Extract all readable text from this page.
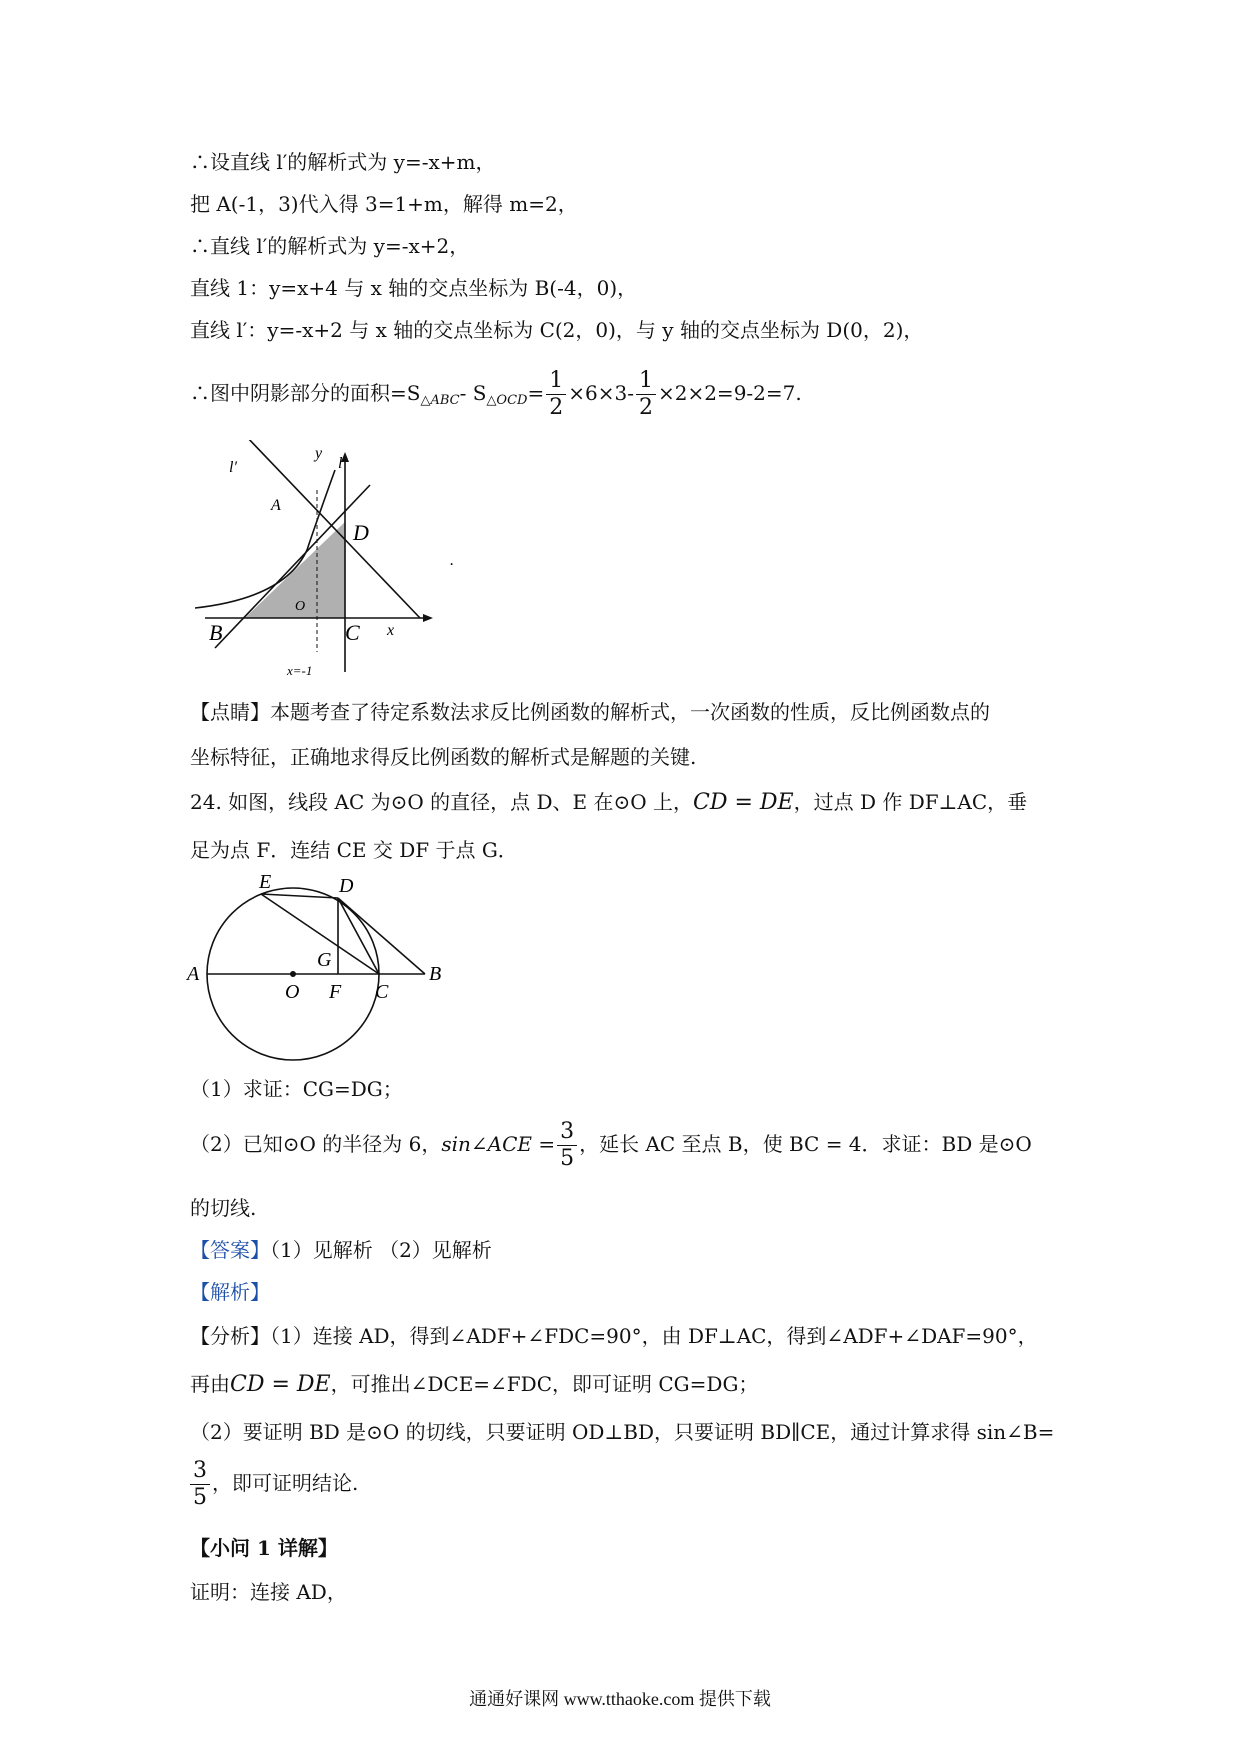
∴设直线 l′的解析式为 y=-x+m，
把 A(-1，3)代入得 3=1+m，解得 m=2，
∴直线 l′的解析式为 y=-x+2，
直线 1：y=x+4 与 x 轴的交点坐标为 B(-4，0)，
直线 l′：y=-x+2 与 x 轴的交点坐标为 C(2，0)，与 y 轴的交点坐标为 D(0，2)，
∴图中阴影部分的面积$=S_{\triangle ABC}-$ $S_{\triangle OCD}= \frac{1}{2} \times 6\times 3- \frac{1}{2} \times 2\times 2=9-2=7$.
l′	l
y
A
D
B
O
C x
x=-1
.
【点睛】本题考查了待定系数法求反比例函数的解析式，一次函数的性质，反比例函数点的
坐标特征，正确地求得反比例函数的解析式是解题的关键.
24. 如图，线段 AC 为⊙O 的直径，点 D、E 在⊙O 上，CD = DE，过点 D 作 DF⊥AC，垂
足为点 F．连结 CE 交 DF 于点 G．
E	D
G
A
O F C
B
（1）求证：CG=DG；
（2）已知⊙O 的半径为 6，sin∠ACE = $\frac{3}{5}$ ，延长 AC 至点 B，使 BC = 4．求证：BD 是⊙O
的切线.
【答案】（1）见解析 （2）见解析
【解析】
【分析】（1）连接 AD，得到∠ADF+∠FDC=90°，由 DF⊥AC，得到∠ADF+∠DAF=90°，
再由CD = DE，可推出∠DCE=∠FDC，即可证明 CG=DG；
（2）要证明 BD 是⊙O 的切线，只要证明 OD⊥BD，只要证明 BD∥CE，通过计算求得 sin∠B=
$\frac{3}{5}$ ，即可证明结论.
【小问 1 详解】
证明：连接 AD，
通通好课网 www.tthaoke.com 提供下载
